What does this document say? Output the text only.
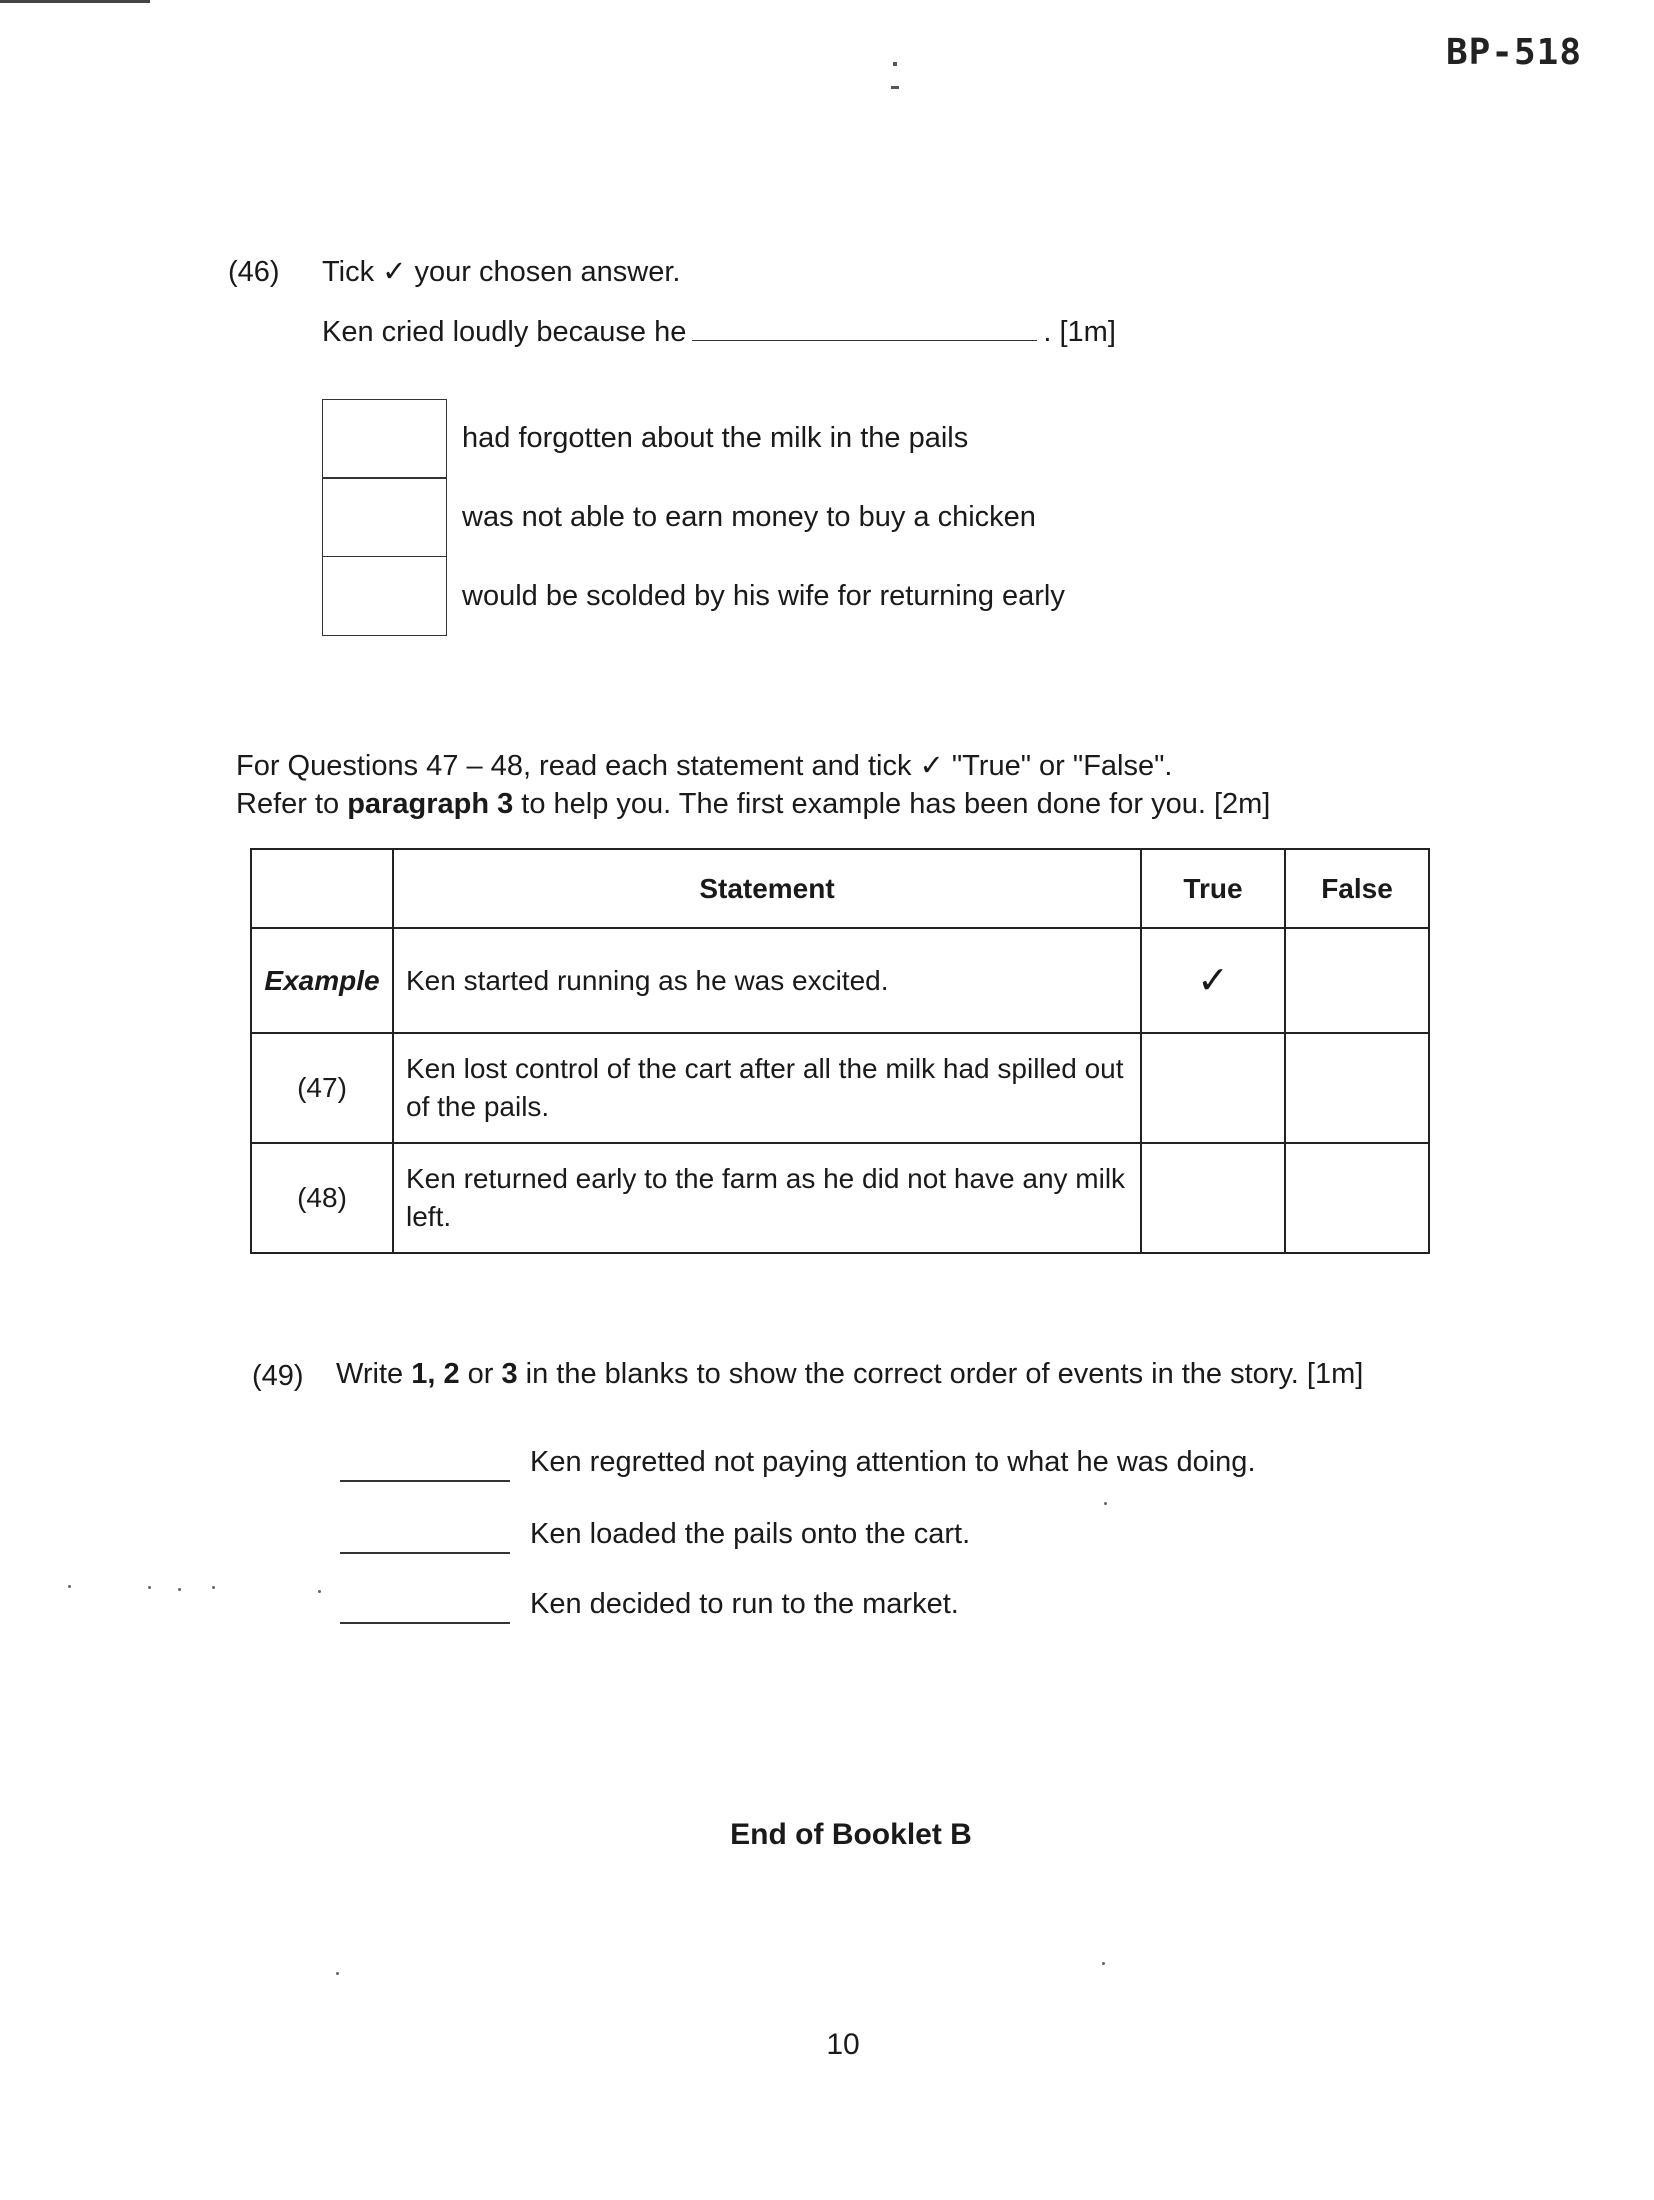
BP-518
(46) Tick ✓ your chosen answer.
Ken cried loudly because he	. [1m]
had forgotten about the milk in the pails
was not able to earn money to buy a chicken
would be scolded by his wife for returning early
For Questions 47 – 48, read each statement and tick ✓ "True" or "False".
Refer to paragraph 3 to help you. The first example has been done for you. [2m]
	Statement	True	False
Example	Ken started running as he was excited.	✓	
(47)	Ken lost control of the cart after all the milk had spilled out of the pails.		
(48)	Ken returned early to the farm as he did not have any milk left.		
(49) Write 1, 2 or 3 in the blanks to show the correct order of events in the story. [1m]
Ken regretted not paying attention to what he was doing.
Ken loaded the pails onto the cart.
Ken decided to run to the market.
End of Booklet B
10
